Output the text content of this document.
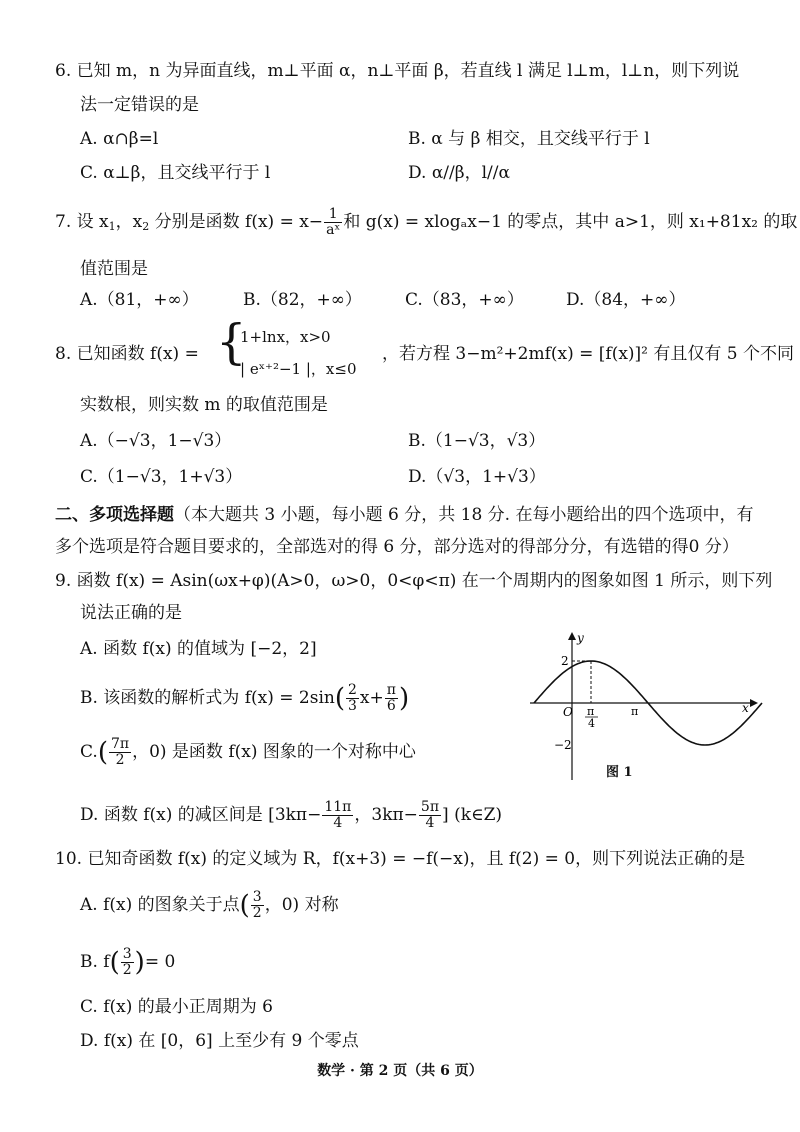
6. 已知 m，n 为异面直线，m⊥平面 α，n⊥平面 β，若直线 l 满足 l⊥m，l⊥n，则下列说
法一定错误的是
A. α∩β=l	B. α 与 β 相交，且交线平行于 l
C. α⊥β，且交线平行于 l	D. α//β，l//α
7. 设 $x_1$，$x_2$ 分别是函数 $f(x) = x- \frac{1}{\text{aˣ}}$ 和 g(x) = xlogₐx−1 的零点，其中 a>1，则 x₁+81x₂ 的取
值范围是
A.（81，+∞）	B.（82，+∞）	C.（83，+∞） D.（84，+∞）
8. 已知函数 f(x) = {
1+lnx，x>0
| eˣ⁺²−1 |，x≤0
，若方程 3−m²+2mf(x) = [f(x)]² 有且仅有 5 个不同
实数根，则实数 m 的取值范围是
A.（−√3，1−√3）	B.（1−√3，√3）
C.（1−√3，1+√3）	D.（√3，1+√3）
二、多项选择题（本大题共 3 小题，每小题 6 分，共 18 分. 在每小题给出的四个选项中，有
多个选项是符合题目要求的，全部选对的得 6 分，部分选对的得部分分，有选错的得0 分）
9. 函数 f(x) = Asin(ωx+φ)(A>0，ω>0，0<φ<π) 在一个周期内的图象如图 1 所示，则下列
说法正确的是
A. 函数 f(x) 的值域为 [−2，2]
B. 该函数的解析式为 $f(x) = 2\sin( \frac{2}{3} x+ \frac{\pi}{6}$ )
$C.( \frac{7\pi}{2}$ ，0) 是函数 f(x) 图象的一个对称中心
D. 函数 f(x) 的减区间是 [$3k\pi- \frac{11\pi}{4}$ ，$3k\pi- \frac{5\pi}{4}$ ] (k∈Z)
y
x
O
2
−2
π
4
π
图 1
10. 已知奇函数 f(x) 的定义域为 R，f(x+3) = −f(−x)，且 f(2) = 0，则下列说法正确的是
A. f(x) 的图象关于点( $\frac{3}{2}$ ，0) 对称
B. $f( \frac{3}{2}$ )= 0
C. f(x) 的最小正周期为 6
D. f(x) 在 [0，6] 上至少有 9 个零点
数学 · 第 2 页（共 6 页）
